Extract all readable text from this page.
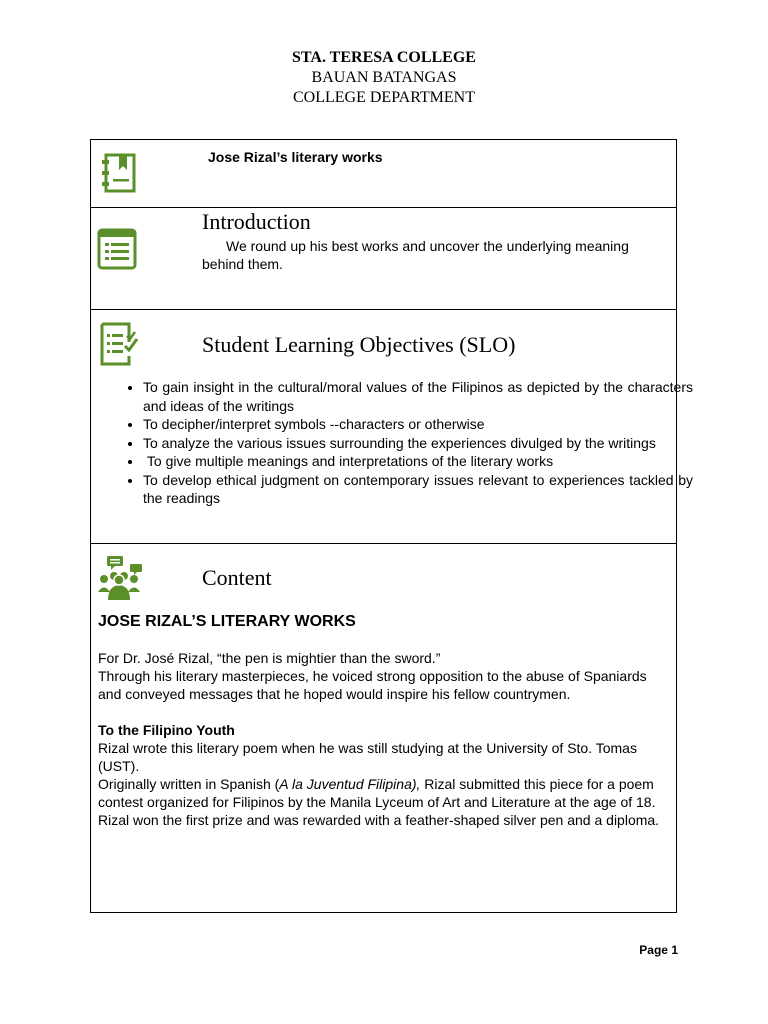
STA. TERESA COLLEGE
BAUAN BATANGAS
COLLEGE DEPARTMENT
Jose Rizal’s literary works
Introduction
We round up his best works and uncover the underlying meaning behind them.
Student Learning Objectives (SLO)
• To gain insight in the cultural/moral values of the Filipinos as depicted by the characters and ideas of the writings
• To decipher/interpret symbols --characters or otherwise
• To analyze the various issues surrounding the experiences divulged by the writings
•  To give multiple meanings and interpretations of the literary works
• To develop ethical judgment on contemporary issues relevant to experiences tackled by the readings
Content
JOSE RIZAL’S LITERARY WORKS

For Dr. José Rizal, “the pen is mightier than the sword.”

Through his literary masterpieces, he voiced strong opposition to the abuse of Spaniards and conveyed messages that he hoped would inspire his fellow countrymen.

To the Filipino Youth

Rizal wrote this literary poem when he was still studying at the University of Sto. Tomas (UST).

Originally written in Spanish (A la Juventud Filipina), Rizal submitted this piece for a poem contest organized for Filipinos by the Manila Lyceum of Art and Literature at the age of 18.

Rizal won the first prize and was rewarded with a feather-shaped silver pen and a diploma.

Page 1
